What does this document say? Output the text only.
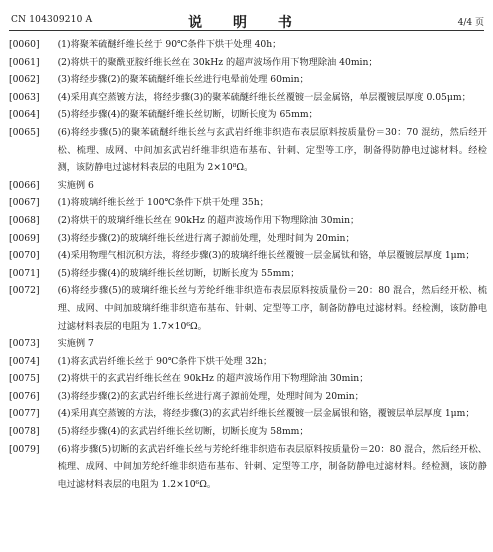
CN 104309210 A	说 明 书	4/4 页
[0060] (1)将聚苯硫醚纤维长丝于 90℃条件下烘干处理 40h；
[0061] (2)将烘干的聚酰亚胺纤维长丝在 30kHz 的超声波场作用下物理除油 40min；
[0062] (3)将经步骤(2)的聚苯硫醚纤维长丝进行电晕前处理 60min；
[0063] (4)采用真空蒸镀方法，将经步骤(3)的聚苯硫醚纤维长丝覆镀一层金属铬，单层覆镀层厚度 0.05μm；
[0064] (5)将经步骤(4)的聚苯硫醚纤维长丝切断，切断长度为 65mm；
[0065] (6)将经步骤(5)的聚苯硫醚纤维长丝与玄武岩纤维非织造布表层原料按质量份＝30：70 混纺，然后经开松、梳理、成网、中间加玄武岩纤维非织造布基布、针刺、定型等工序，制备得防静电过滤材料。经检测，该防静电过滤材料表层的电阻为 2×10⁸Ω。
[0066] 实施例 6
[0067] (1)将玻璃纤维长丝于 100℃条件下烘干处理 35h；
[0068] (2)将烘干的玻璃纤维长丝在 90kHz 的超声波场作用下物理除油 30min；
[0069] (3)将经步骤(2)的玻璃纤维长丝进行离子源前处理，处理时间为 20min；
[0070] (4)采用物理气相沉积方法，将经步骤(3)的玻璃纤维长丝覆镀一层金属钛和铬，单层覆镀层厚度 1μm；
[0071] (5)将经步骤(4)的玻璃纤维长丝切断，切断长度为 55mm；
[0072] (6)将经步骤(5)的玻璃纤维长丝与芳纶纤维非织造布表层原料按质量份＝20：80 混合，然后经开松、梳理、成网、中间加玻璃纤维非织造布基布、针刺、定型等工序，制备防静电过滤材料。经检测，该防静电过滤材料表层的电阻为 1.7×10⁶Ω。
[0073] 实施例 7
[0074] (1)将玄武岩纤维长丝于 90℃条件下烘干处理 32h；
[0075] (2)将烘干的玄武岩纤维长丝在 90kHz 的超声波场作用下物理除油 30min；
[0076] (3)将经步骤(2)的玄武岩纤维长丝进行离子源前处理，处理时间为 20min；
[0077] (4)采用真空蒸镀的方法，将经步骤(3)的玄武岩纤维长丝覆镀一层金属银和铬，覆镀层单层厚度 1μm；
[0078] (5)将经步骤(4)的玄武岩纤维长丝切断，切断长度为 58mm；
[0079] (6)将步骤(5)切断的玄武岩纤维长丝与芳纶纤维非织造布表层原料按质量份＝20：80 混合，然后经开松、梳理、成网、中间加芳纶纤维非织造布基布、针刺、定型等工序，制备防静电过滤材料。经检测，该防静电过滤材料表层的电阻为 1.2×10⁶Ω。
